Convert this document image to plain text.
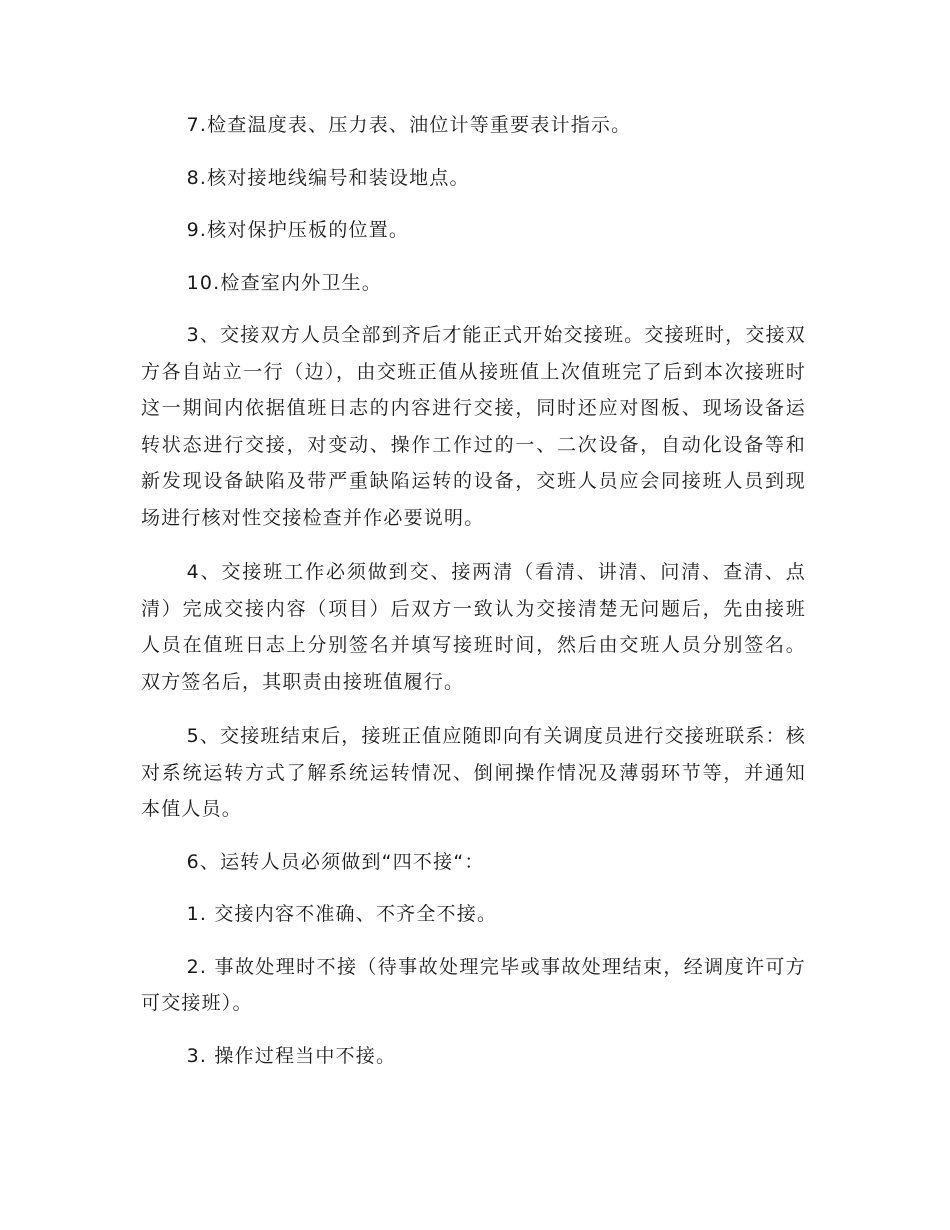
7.检查温度表、压力表、油位计等重要表计指示。

8.核对接地线编号和装设地点。

9.核对保护压板的位置。

10.检查室内外卫生。

3、交接双方人员全部到齐后才能正式开始交接班。交接班时，交接双方各自站立一行（边），由交班正值从接班值上次值班完了后到本次接班时这一期间内依据值班日志的内容进行交接，同时还应对图板、现场设备运转状态进行交接，对变动、操作工作过的一、二次设备，自动化设备等和新发现设备缺陷及带严重缺陷运转的设备，交班人员应会同接班人员到现场进行核对性交接检查并作必要说明。

4、交接班工作必须做到交、接两清（看清、讲清、问清、查清、点清）完成交接内容（项目）后双方一致认为交接清楚无问题后，先由接班人员在值班日志上分别签名并填写接班时间，然后由交班人员分别签名。双方签名后，其职责由接班值履行。

5、交接班结束后，接班正值应随即向有关调度员进行交接班联系：核对系统运转方式了解系统运转情况、倒闸操作情况及薄弱环节等，并通知本值人员。

6、运转人员必须做到“四不接“：

1. 交接内容不准确、不齐全不接。

2. 事故处理时不接（待事故处理完毕或事故处理结束，经调度许可方可交接班）。

3. 操作过程当中不接。
